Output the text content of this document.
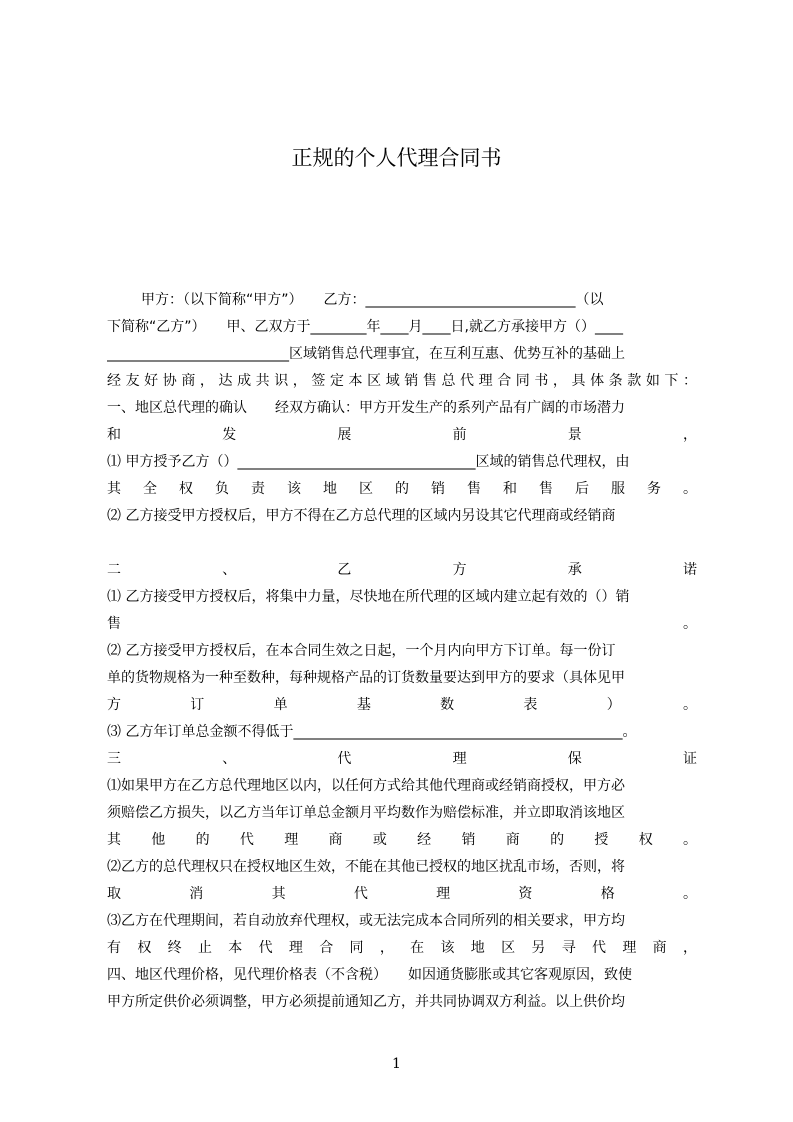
正规的个人代理合同书
甲方：（以下简称“甲方”）　　乙方：______________________________（以
下简称“乙方”）　　甲、乙双方于________年____月____日,就乙方承接甲方（）____
__________________________区域销售总代理事宜，在互利互惠、优势互补的基础上
经友好协商，达成共识，签定本区域销售总代理合同书，具体条款如下：
一、地区总代理的确认　　经双方确认：甲方开发生产的系列产品有广阔的市场潜力
和发展前景，
⑴ 甲方授予乙方（）__________________________________区域的销售总代理权，由
其全权负责该地区的销售和售后服务。
⑵ 乙方接受甲方授权后，甲方不得在乙方总代理的区域内另设其它代理商或经销商
二、乙方承诺
⑴ 乙方接受甲方授权后，将集中力量，尽快地在所代理的区域内建立起有效的（）销
售。
⑵ 乙方接受甲方授权后，在本合同生效之日起，一个月内向甲方下订单。每一份订
单的货物规格为一种至数种，每种规格产品的订货数量要达到甲方的要求（具体见甲
方订单基数表）。
⑶ 乙方年订单总金额不得低于_______________________________________________。
三、代理保证
⑴如果甲方在乙方总代理地区以内，以任何方式给其他代理商或经销商授权，甲方必
须赔偿乙方损失，以乙方当年订单总金额月平均数作为赔偿标准，并立即取消该地区
其他的代理商或经销商的授权。
⑵乙方的总代理权只在授权地区生效，不能在其他已授权的地区扰乱市场，否则，将
取消其代理资格。
⑶乙方在代理期间，若自动放弃代理权，或无法完成本合同所列的相关要求，甲方均
有权终止本代理合同，在该地区另寻代理商，
四、地区代理价格，见代理价格表（不含税）　　如因通货膨胀或其它客观原因，致使
甲方所定供价必须调整，甲方必须提前通知乙方，并共同协调双方利益。以上供价均
1
